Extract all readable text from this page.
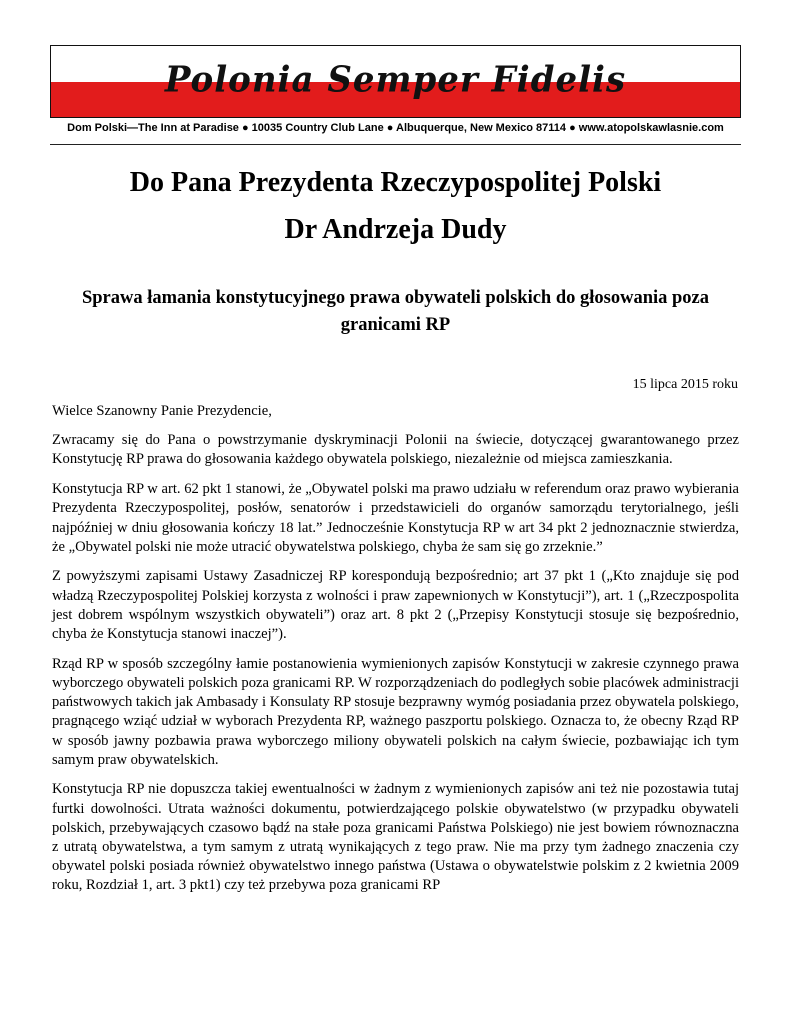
Polonia Semper Fidelis
Dom Polski—The Inn at Paradise ● 10035 Country Club Lane ● Albuquerque, New Mexico 87114 ● www.atopolskawlasnie.com
Do Pana Prezydenta Rzeczypospolitej Polski
Dr Andrzeja Dudy
Sprawa łamania konstytucyjnego prawa obywateli polskich do głosowania poza granicami RP
15 lipca 2015 roku

Wielce Szanowny Panie Prezydencie,

Zwracamy się do Pana o powstrzymanie dyskryminacji Polonii na świecie, dotyczącej gwarantowanego przez Konstytucję RP prawa do głosowania każdego obywatela polskiego, niezależnie od miejsca zamieszkania.

Konstytucja RP w art. 62 pkt 1 stanowi, że „Obywatel polski ma prawo udziału w referendum oraz prawo wybierania Prezydenta Rzeczypospolitej, posłów, senatorów i przedstawicieli do organów samorządu terytorialnego, jeśli najpóźniej w dniu głosowania kończy 18 lat.” Jednocześnie Konstytucja RP w art 34 pkt 2 jednoznacznie stwierdza, że „Obywatel polski nie może utracić obywatelstwa polskiego, chyba że sam się go zrzeknie.”

Z powyższymi zapisami Ustawy Zasadniczej RP korespondują bezpośrednio; art 37 pkt 1 („Kto znajduje się pod władzą Rzeczypospolitej Polskiej korzysta z wolności i praw zapewnionych w Konstytucji”), art. 1 („Rzeczpospolita jest dobrem wspólnym wszystkich obywateli”) oraz art. 8 pkt 2 („Przepisy Konstytucji stosuje się bezpośrednio, chyba że Konstytucja stanowi inaczej”).

Rząd RP w sposób szczególny łamie postanowienia wymienionych zapisów Konstytucji w zakresie czynnego prawa wyborczego obywateli polskich poza granicami RP. W rozporządzeniach do podległych sobie placówek administracji państwowych takich jak Ambasady i Konsulaty RP stosuje bezprawny wymóg posiadania przez obywatela polskiego, pragnącego wziąć udział w wyborach Prezydenta RP, ważnego paszportu polskiego. Oznacza to, że obecny Rząd RP w sposób jawny pozbawia prawa wyborczego miliony obywateli polskich na całym świecie, pozbawiając ich tym samym praw obywatelskich.

Konstytucja RP nie dopuszcza takiej ewentualności w żadnym z wymienionych zapisów ani też nie pozostawia tutaj furtki dowolności. Utrata ważności dokumentu, potwierdzającego polskie obywatelstwo (w przypadku obywateli polskich, przebywających czasowo bądź na stałe poza granicami Państwa Polskiego) nie jest bowiem równoznaczna z utratą obywatelstwa, a tym samym z utratą wynikających z tego praw. Nie ma przy tym żadnego znaczenia czy obywatel polski posiada również obywatelstwo innego państwa (Ustawa o obywatelstwie polskim z 2 kwietnia 2009 roku, Rozdział 1, art. 3 pkt1) czy też przebywa poza granicami RP
